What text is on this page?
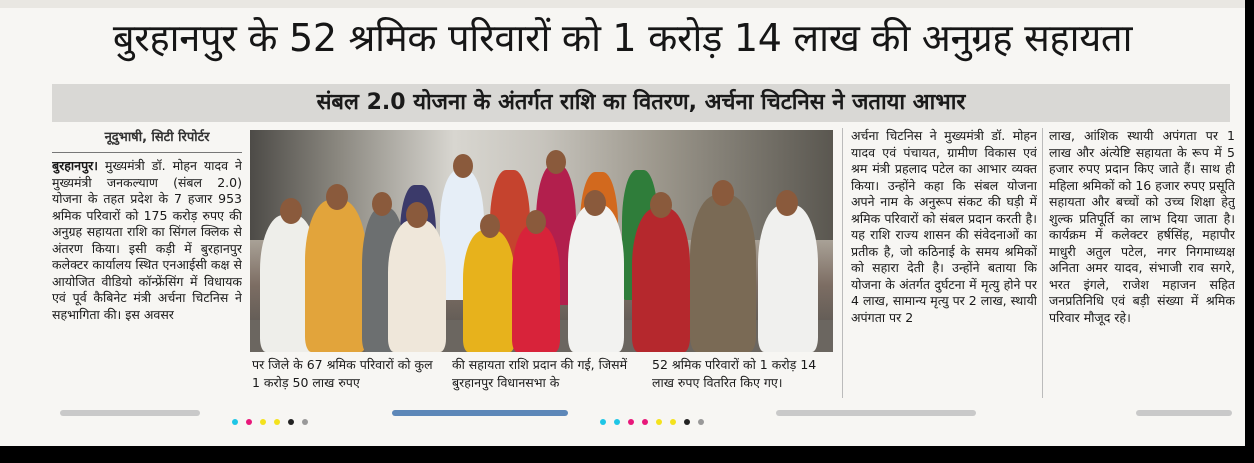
बुरहानपुर के 52 श्रमिक परिवारों को 1 करोड़ 14 लाख की अनुग्रह सहायता
संबल 2.0 योजना के अंतर्गत राशि का वितरण, अर्चना चिटनिस ने जताया आभार
नूदुभाषी, सिटी रिपोर्टर
बुरहानपुर। मुख्यमंत्री डॉ. मोहन यादव ने मुख्यमंत्री जनकल्याण (संबल 2.0) योजना के तहत प्रदेश के 7 हजार 953 श्रमिक परिवारों को 175 करोड़ रुपए की अनुग्रह सहायता राशि का सिंगल क्लिक से अंतरण किया। इसी कड़ी में बुरहानपुर कलेक्टर कार्यालय स्थित एनआईसी कक्ष से आयोजित वीडियो कॉन्फ्रेंसिंग में विधायक एवं पूर्व कैबिनेट मंत्री अर्चना चिटनिस ने सहभागिता की। इस अवसर
पर जिले के 67 श्रमिक परिवारों को कुल 1 करोड़ 50 लाख रुपए
की सहायता राशि प्रदान की गई, जिसमें बुरहानपुर विधानसभा के
52 श्रमिक परिवारों को 1 करोड़ 14 लाख रुपए वितरित किए गए।
अर्चना चिटनिस ने मुख्यमंत्री डॉ. मोहन यादव एवं पंचायत, ग्रामीण विकास एवं श्रम मंत्री प्रहलाद पटेल का आभार व्यक्त किया। उन्होंने कहा कि संबल योजना अपने नाम के अनुरूप संकट की घड़ी में श्रमिक परिवारों को संबल प्रदान करती है। यह राशि राज्य शासन की संवेदनाओं का प्रतीक है, जो कठिनाई के समय श्रमिकों को सहारा देती है। उन्होंने बताया कि योजना के अंतर्गत दुर्घटना में मृत्यु होने पर 4 लाख, सामान्य मृत्यु पर 2 लाख, स्थायी अपंगता पर 2
लाख, आंशिक स्थायी अपंगता पर 1 लाख और अंत्येष्टि सहायता के रूप में 5 हजार रुपए प्रदान किए जाते हैं। साथ ही महिला श्रमिकों को 16 हजार रुपए प्रसूति सहायता और बच्चों को उच्च शिक्षा हेतु शुल्क प्रतिपूर्ति का लाभ दिया जाता है। कार्यक्रम में कलेक्टर हर्षसिंह, महापौर माधुरी अतुल पटेल, नगर निगमाध्यक्ष अनिता अमर यादव, संभाजी राव सगरे, भरत इंगले, राजेश महाजन सहित जनप्रतिनिधि एवं बड़ी संख्या में श्रमिक परिवार मौजूद रहे।
